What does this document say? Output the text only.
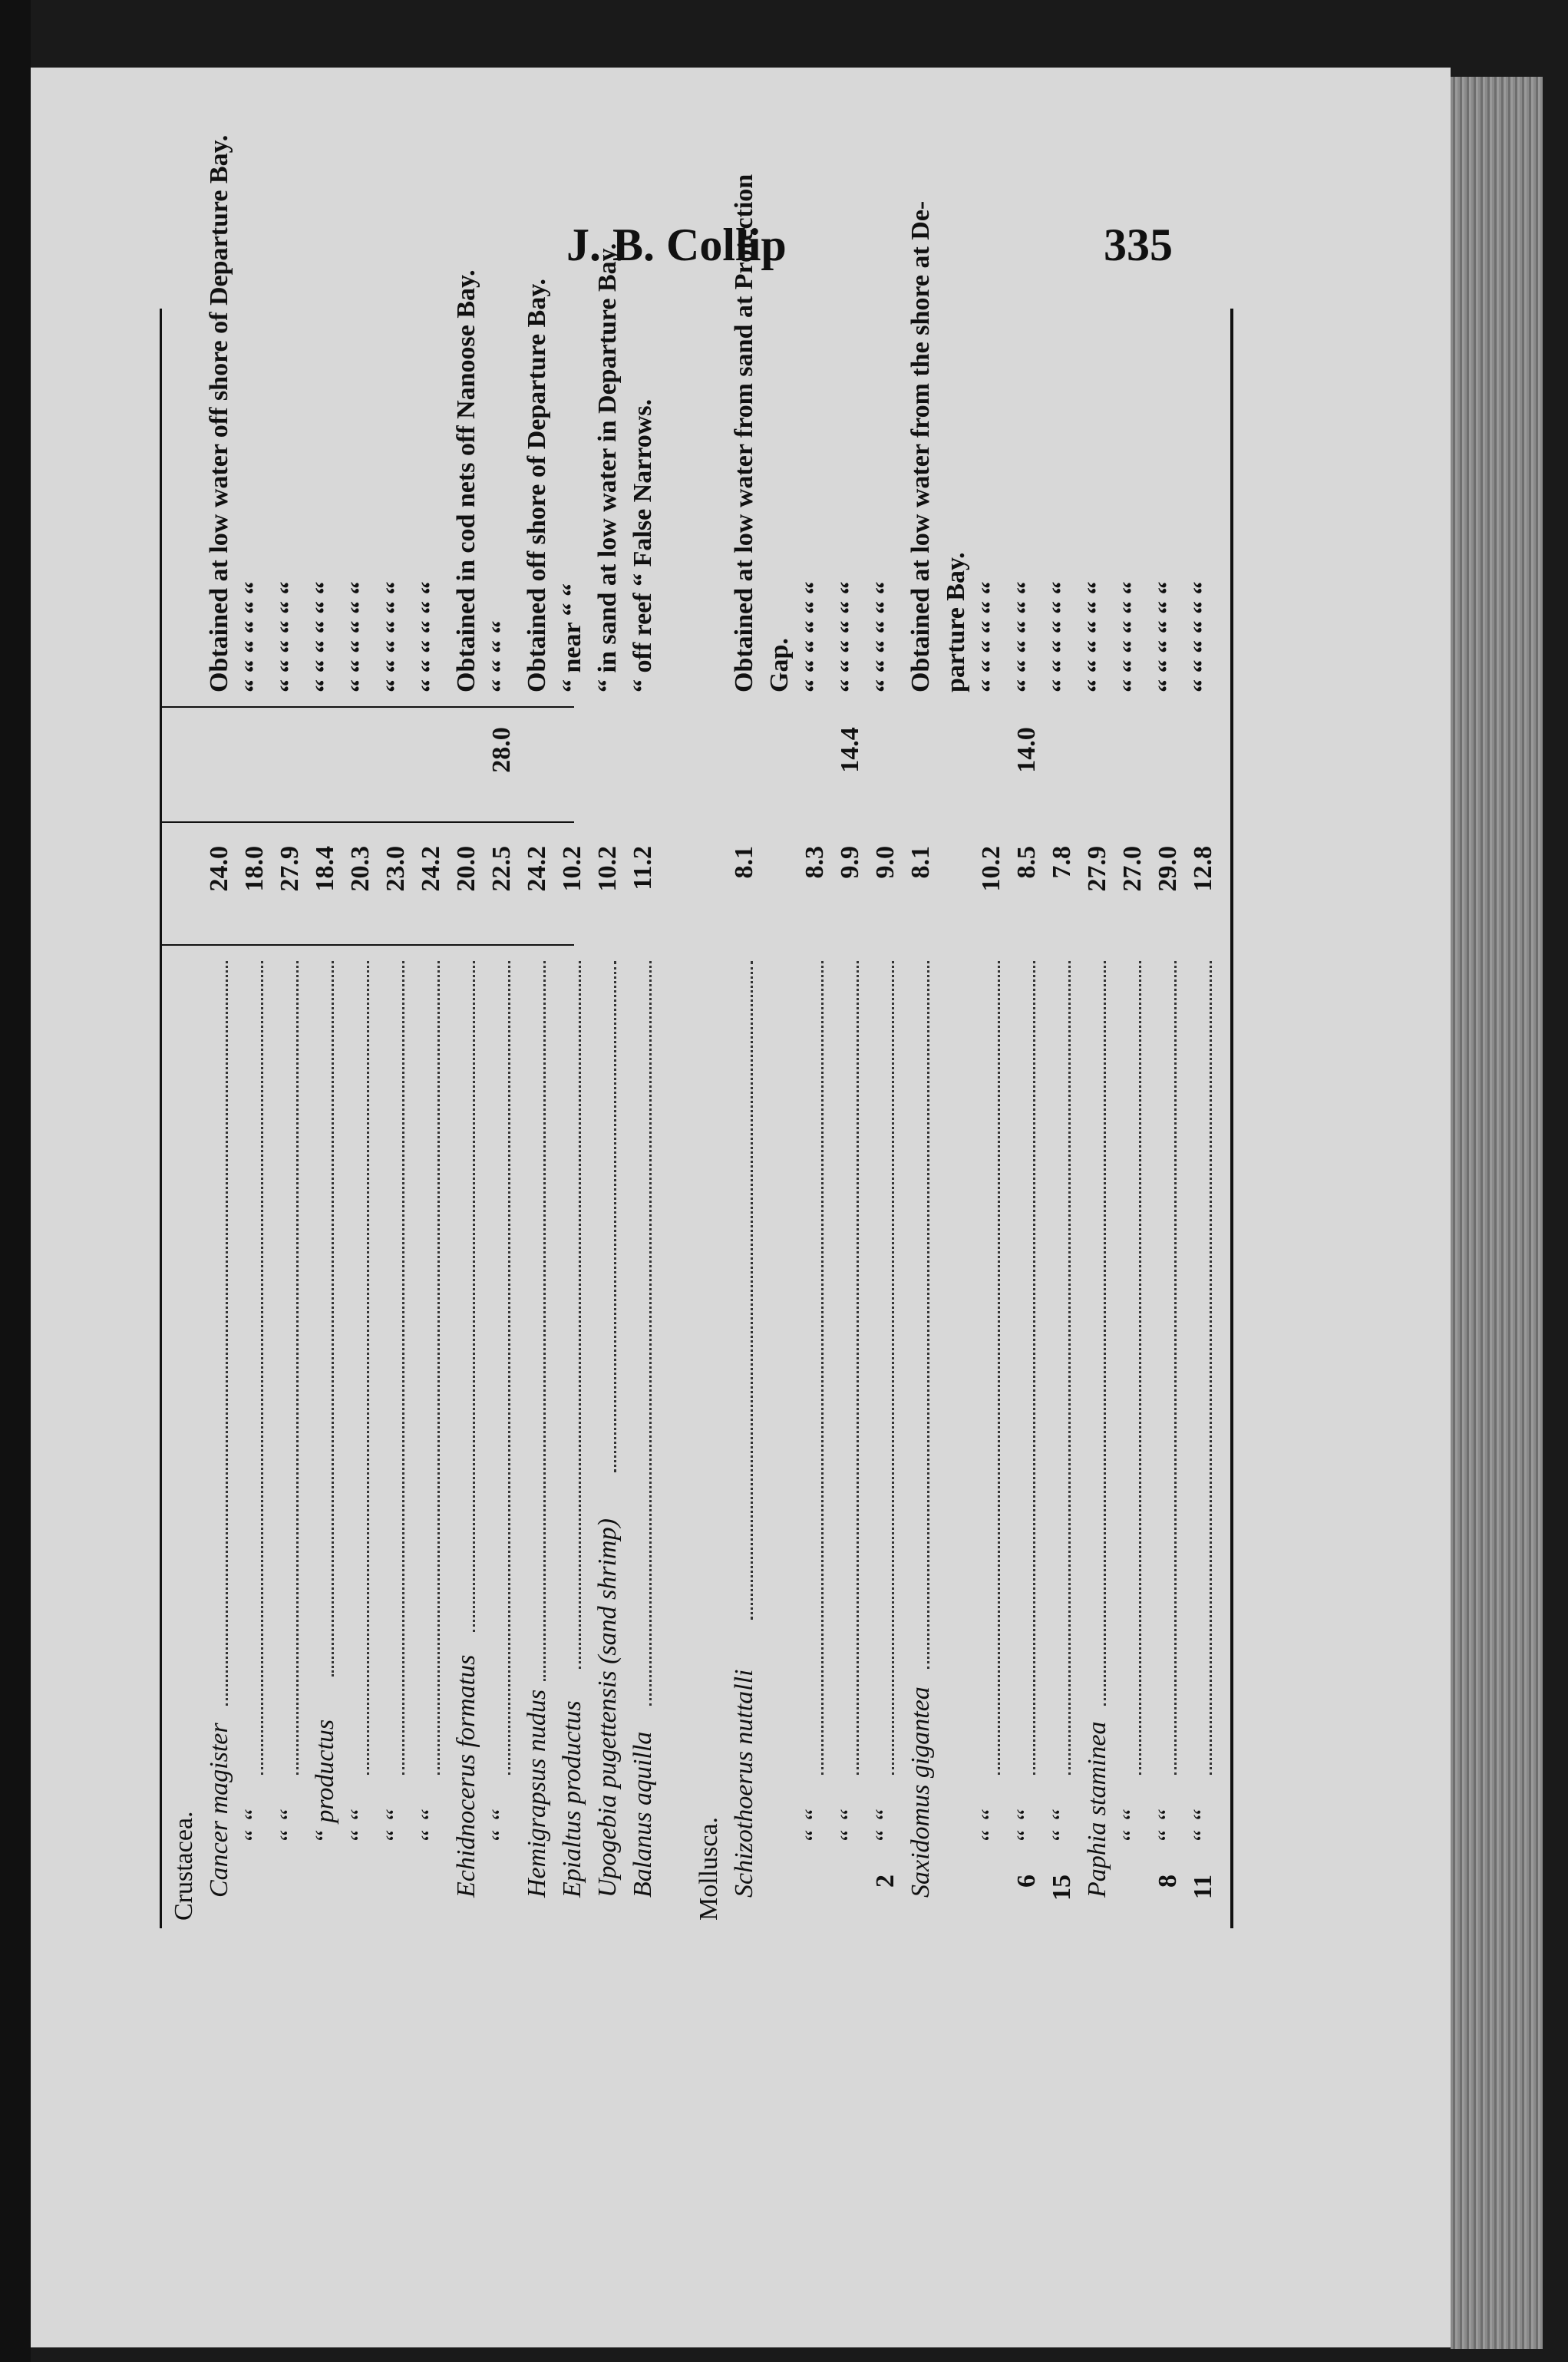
J. B. Collip	335
Crustacea. Cancer magister
24.0
Obtained at low water off shore of Departure Bay.
“ “
18.0
“ “ “ “ “ “
“ “
27.9
“ “ “ “ “ “
“ productus
18.4
“ “ “ “ “ “
“ “
20.3
“ “ “ “ “ “
“ “
23.0
“ “ “ “ “ “
“ “
24.2
“ “ “ “ “ “
Echidnocerus formatus
20.0
Obtained in cod nets off Nanoose Bay.
“ “
22.5
28.0
“ “ “ “
Hemigrapsus nudus
24.2
Obtained off shore of Departure Bay.
Epialtus productus
10.2
“ near “ “
Upogebia pugettensis (sand shrimp)
10.2
“ in sand at low water in Departure Bay.
Balanus aquilla
11.2
“ off reef “ False Narrows.
Mollusca. Schizothoerus nuttalli
8.1
Obtained at low water from sand at Protection Gap.
“ “
8.3
“ “ “ “ “ “
“ “
9.9
14.4
“ “ “ “ “ “
2
“ “
9.0
“ “ “ “ “ “
Saxidomus gigantea
8.1
Obtained at low water from the shore at De- parture Bay.
“ “
10.2
“ “ “ “ “ “
6
“ “
8.5
14.0
“ “ “ “ “ “
15
“ “
7.8
“ “ “ “ “ “
Paphia staminea
27.9
“ “ “ “ “ “
“ “
27.0
“ “ “ “ “ “
8
“ “
29.0
“ “ “ “ “ “
11
“ “
12.8
“ “ “ “ “ “
